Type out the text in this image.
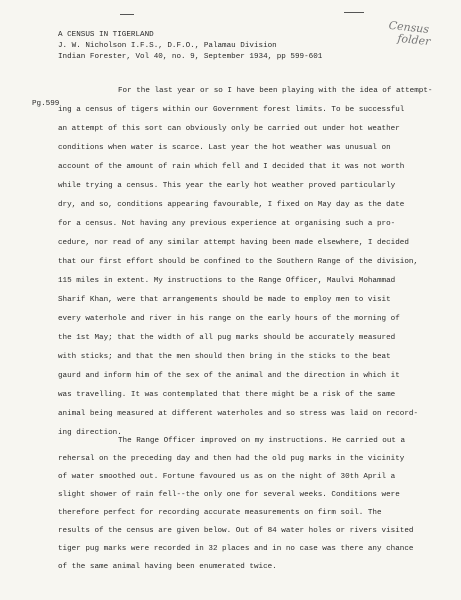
Census
folder
A CENSUS IN TIGERLAND
J. W. Nicholson I.F.S., D.F.O., Palamau Division
Indian Forester, Vol 40, no. 9, September 1934, pp 599-601
Pg.599
For the last year or so I have been playing with the idea of attempt-
ing a census of tigers within our Government forest limits. To be successful
an attempt of this sort can obviously only be carried out under hot weather
conditions when water is scarce. Last year the hot weather was unusual on
account of the amount of rain which fell and I decided that it was not worth
while trying a census. This year the early hot weather proved particularly
dry, and so, conditions appearing favourable, I fixed on May day as the date
for a census. Not having any previous experience at organising such a pro-
cedure, nor read of any similar attempt having been made elsewhere, I decided
that our first effort should be confined to the Southern Range of the division,
115 miles in extent. My instructions to the Range Officer, Maulvi Mohammad
Sharif Khan, were that arrangements should be made to employ men to visit
every waterhole and river in his range on the early hours of the morning of
the 1st May; that the width of all pug marks should be accurately measured
with sticks; and that the men should then bring in the sticks to the beat
gaurd and inform him of the sex of the animal and the direction in which it
was travelling. It was contemplated that there might be a risk of the same
animal being measured at different waterholes and so stress was laid on record-
ing direction.
The Range Officer improved on my instructions. He carried out a
rehersal on the preceding day and then had the old pug marks in the vicinity
of water smoothed out. Fortune favoured us as on the night of 30th April a
slight shower of rain fell--the only one for several weeks. Conditions were
therefore perfect for recording accurate measurements on firm soil. The
results of the census are given below. Out of 84 water holes or rivers visited
tiger pug marks were recorded in 32 places and in no case was there any chance
of the same animal having been enumerated twice.
